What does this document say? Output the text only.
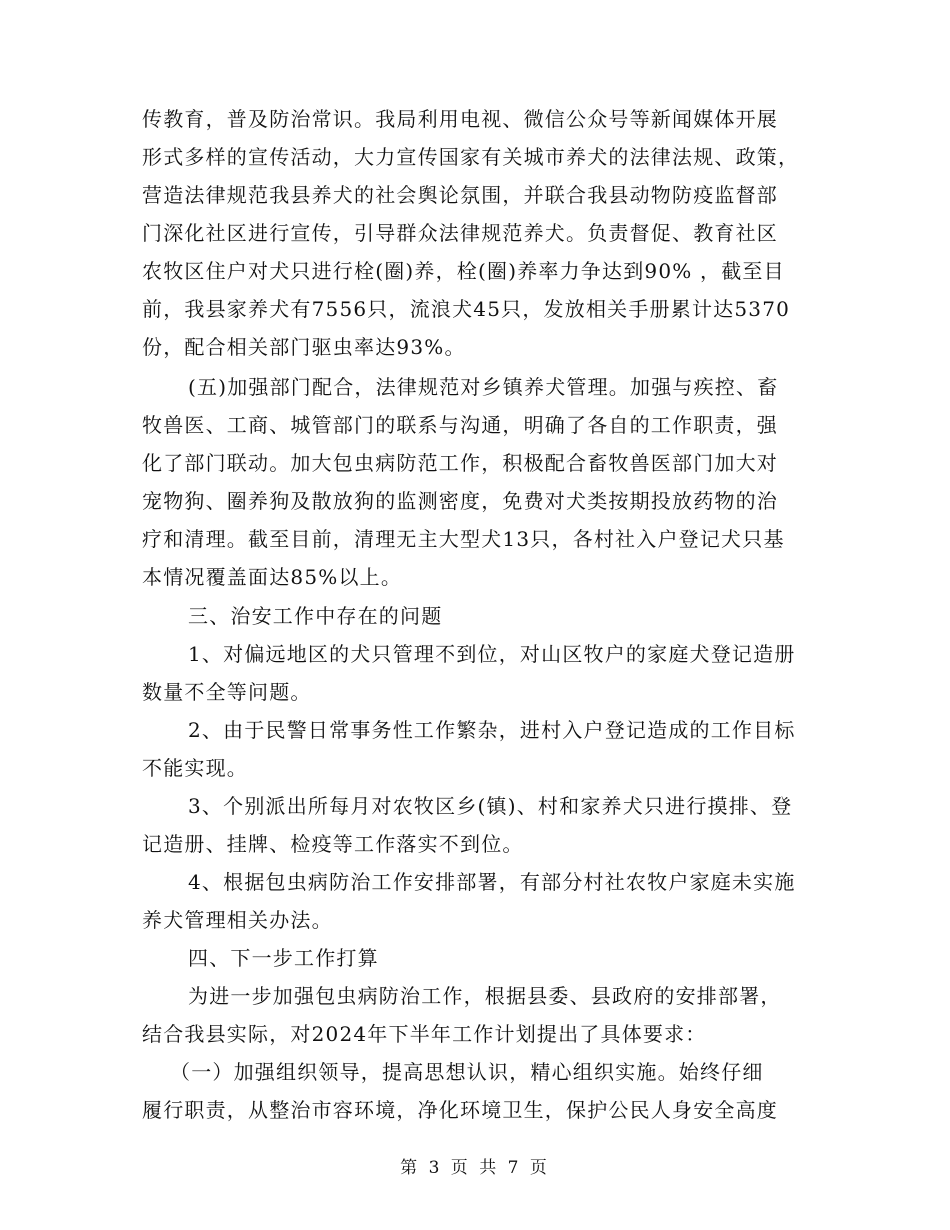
传教育，普及防治常识。我局利用电视、微信公众号等新闻媒体开展
形式多样的宣传活动，大力宣传国家有关城市养犬的法律法规、政策，
营造法律规范我县养犬的社会舆论氛围，并联合我县动物防疫监督部
门深化社区进行宣传，引导群众法律规范养犬。负责督促、教育社区
农牧区住户对犬只进行栓(圈)养，栓(圈)养率力争达到90% ，截至目
前，我县家养犬有7556只，流浪犬45只，发放相关手册累计达5370
份，配合相关部门驱虫率达93%。
(五)加强部门配合，法律规范对乡镇养犬管理。加强与疾控、畜
牧兽医、工商、城管部门的联系与沟通，明确了各自的工作职责，强
化了部门联动。加大包虫病防范工作，积极配合畜牧兽医部门加大对
宠物狗、圈养狗及散放狗的监测密度，免费对犬类按期投放药物的治
疗和清理。截至目前，清理无主大型犬13只，各村社入户登记犬只基
本情况覆盖面达85%以上。
三、治安工作中存在的问题
1、对偏远地区的犬只管理不到位，对山区牧户的家庭犬登记造册
数量不全等问题。
2、由于民警日常事务性工作繁杂，进村入户登记造成的工作目标
不能实现。
3、个别派出所每月对农牧区乡(镇)、村和家养犬只进行摸排、登
记造册、挂牌、检疫等工作落实不到位。
4、根据包虫病防治工作安排部署，有部分村社农牧户家庭未实施
养犬管理相关办法。
四、下一步工作打算
为进一步加强包虫病防治工作，根据县委、县政府的安排部署，
结合我县实际，对2024年下半年工作计划提出了具体要求：
（一）加强组织领导，提高思想认识，精心组织实施。始终仔细
履行职责，从整治市容环境，净化环境卫生，保护公民人身安全高度
第 3 页 共 7 页
